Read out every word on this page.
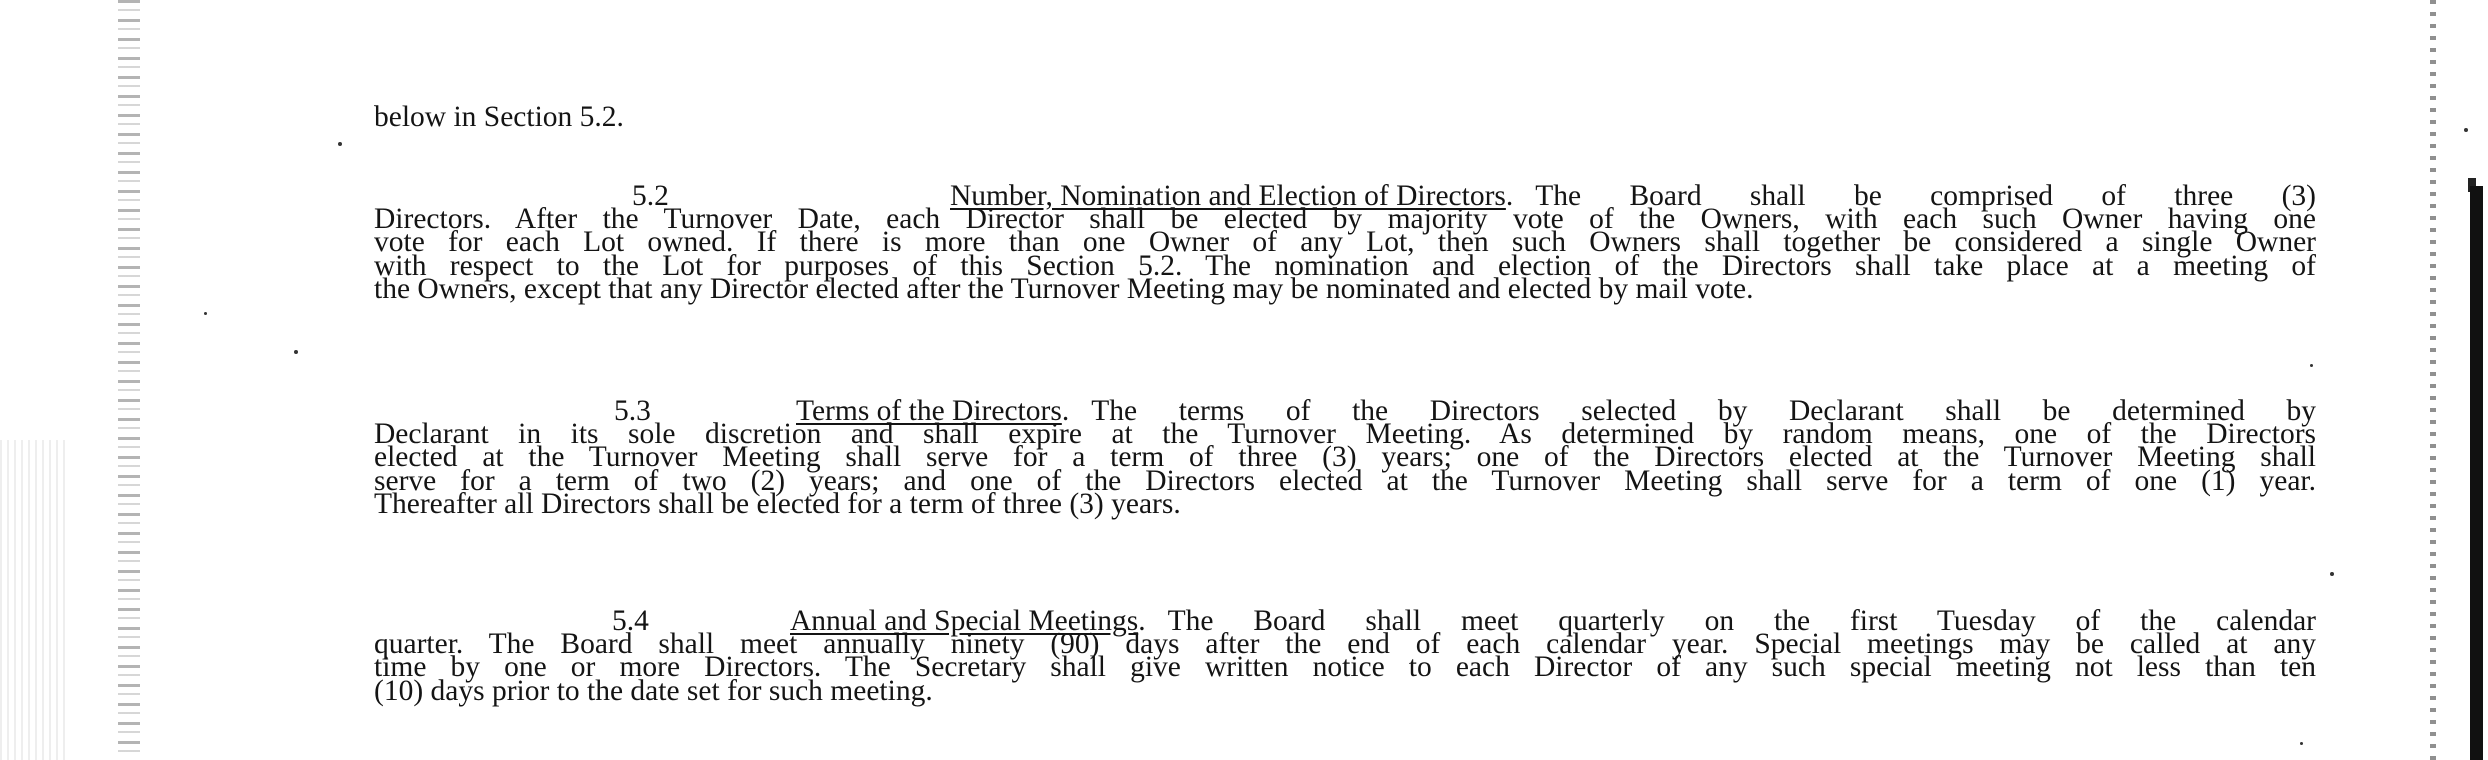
below in Section 5.2.
5.2	Number, Nomination and Election of Directors . The Board shall be comprised of three (3)
Directors. After the Turnover Date, each Director shall be elected by majority vote of the Owners, with each such Owner having one
vote for each Lot owned. If there is more than one Owner of any Lot, then such Owners shall together be considered a single Owner
with respect to the Lot for purposes of this Section 5.2. The nomination and election of the Directors shall take place at a meeting of
the Owners, except that any Director elected after the Turnover Meeting may be nominated and elected by mail vote.
5.3	Terms of the Directors . The terms of the Directors selected by Declarant shall be determined by
Declarant in its sole discretion and shall expire at the Turnover Meeting. As determined by random means, one of the Directors
elected at the Turnover Meeting shall serve for a term of three (3) years; one of the Directors elected at the Turnover Meeting shall
serve for a term of two (2) years; and one of the Directors elected at the Turnover Meeting shall serve for a term of one (1) year.
Thereafter all Directors shall be elected for a term of three (3) years.
5.4	Annual and Special Meetings . The Board shall meet quarterly on the first Tuesday of the calendar
quarter. The Board shall meet annually ninety (90) days after the end of each calendar year. Special meetings may be called at any
time by one or more Directors. The Secretary shall give written notice to each Director of any such special meeting not less than ten
(10) days prior to the date set for such meeting.
